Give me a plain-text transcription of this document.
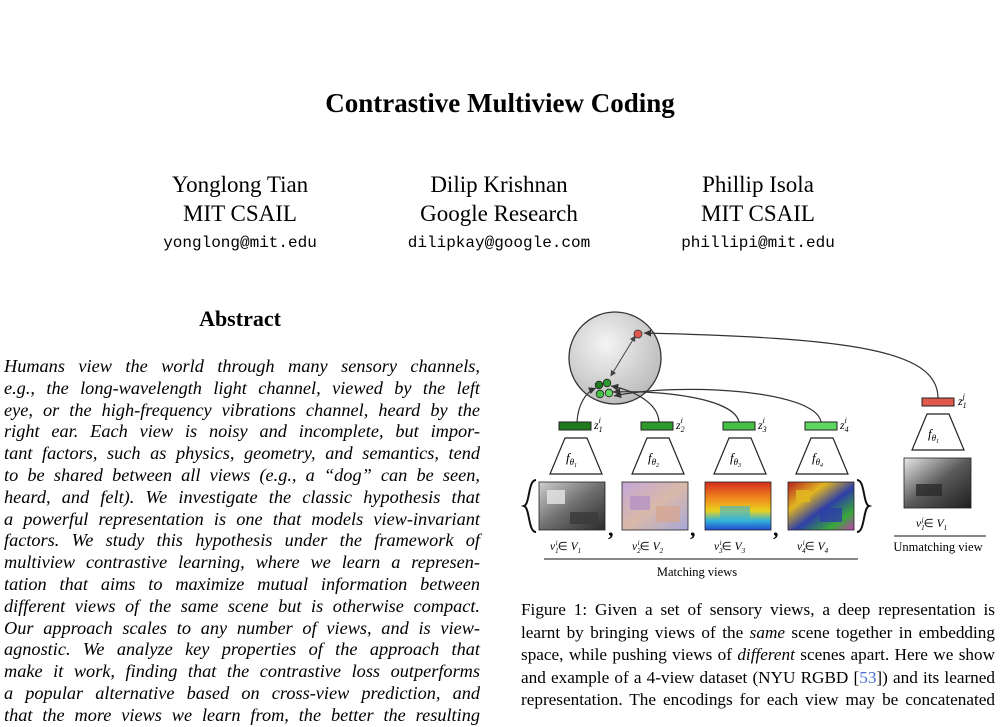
Contrastive Multiview Coding
Yonglong Tian
MIT CSAIL
yonglong@mit.edu
Dilip Krishnan
Google Research
dilipkay@google.com
Phillip Isola
MIT CSAIL
phillipi@mit.edu
Abstract
Humans view the world through many sensory channels,
e.g., the long-wavelength light channel, viewed by the left
eye, or the high-frequency vibrations channel, heard by the
right ear. Each view is noisy and incomplete, but impor-
tant factors, such as physics, geometry, and semantics, tend
to be shared between all views (e.g., a “dog” can be seen,
heard, and felt). We investigate the classic hypothesis that
a powerful representation is one that models view-invariant
factors. We study this hypothesis under the framework of
multiview contrastive learning, where we learn a represen-
tation that aims to maximize mutual information between
different views of the same scene but is otherwise compact.
Our approach scales to any number of views, and is view-
agnostic. We analyze key properties of the approach that
make it work, finding that the contrastive loss outperforms
a popular alternative based on cross-view prediction, and
that the more views we learn from, the better the resulting
$z_1i$
$f_\theta 1$
$v_1i\in$ $V_1$
,
$z_2i$
$f_\theta 2$
$v_2i\in$ $V_2$
,
$z_3i$
$f_\theta 3$
$v_3i\in$ $V_3$
,
$z_4i$
$f_\theta 4$
$v_4i\in$ $V_4$
Matching views
$z_1j$
$f_\theta 1$
$v_1j\in$ $V_1$
Unmatching view
Figure 1: Given a set of sensory views, a deep representation is
learnt by bringing views of the same scene together in embedding
space, while pushing views of different scenes apart. Here we show
and example of a 4-view dataset (NYU RGBD [53]) and its learned
representation. The encodings for each view may be concatenated
